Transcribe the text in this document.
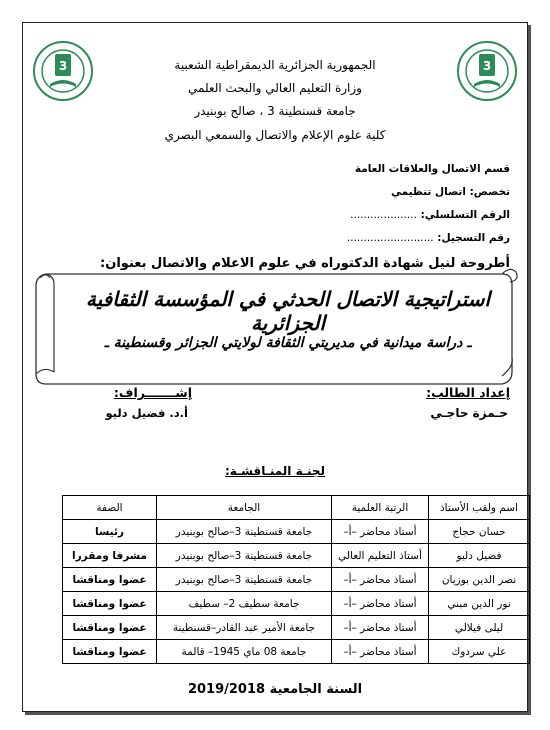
3	3
الجمهورية الجزائرية الديمقراطية الشعبية
وزارة التعليم العالي والبحث العلمي
جامعة قسنطينة 3 ، صالح بوبنيدر
كلية علوم الإعلام والاتصال والسمعي البصري
قسم الاتصال والعلاقات العامة
تخصص: اتصال تنظيمي
الرقم التسلسلي: ....................
رقم التسجيل: ..........................
أطروحة لنيل شهادة الدكتوراه في علوم الاعلام والاتصال بعنوان:
استراتيجية الاتصال الحدثي في المؤسسة الثقافية الجزائرية
ـ دراسة ميدانية في مديريتي الثقافة لولايتي الجزائر وقسنطينة ـ
إعداد الطالب:
حـمزة حاجـي
إشـــــــراف:
أ.د. فضيل دليو
لجنـة المنـاقشـة:
اسم ولقب الأستاذ	الرتبة العلمية	الجامعة	الصفة
حسان حجاج	أستاذ محاضر –أ–	جامعة قسنطينة 3–صالح بوبنيدر	رئيسا
فضيل دليو	أستاذ التعليم العالي	جامعة قسنطينة 3–صالح بوبنيدر	مشرفا ومقررا
نصر الدين بوزيان	أستاذ محاضر –أ–	جامعة قسنطينة 3–صالح بوبنيدر	عضوا ومناقشا
نور الدين مبني	أستاذ محاضر –أ–	جامعة سطيف 2– سطيف	عضوا ومناقشا
ليلى فيلالي	أستاذ محاضر –أ–	جامعة الأمير عبد القادر–قسنطينة	عضوا ومناقشا
علي سردوك	أستاذ محاضر –أ–	جامعة 08 ماي 1945– قالمة	عضوا ومناقشا
السنة الجامعية 2019/2018
